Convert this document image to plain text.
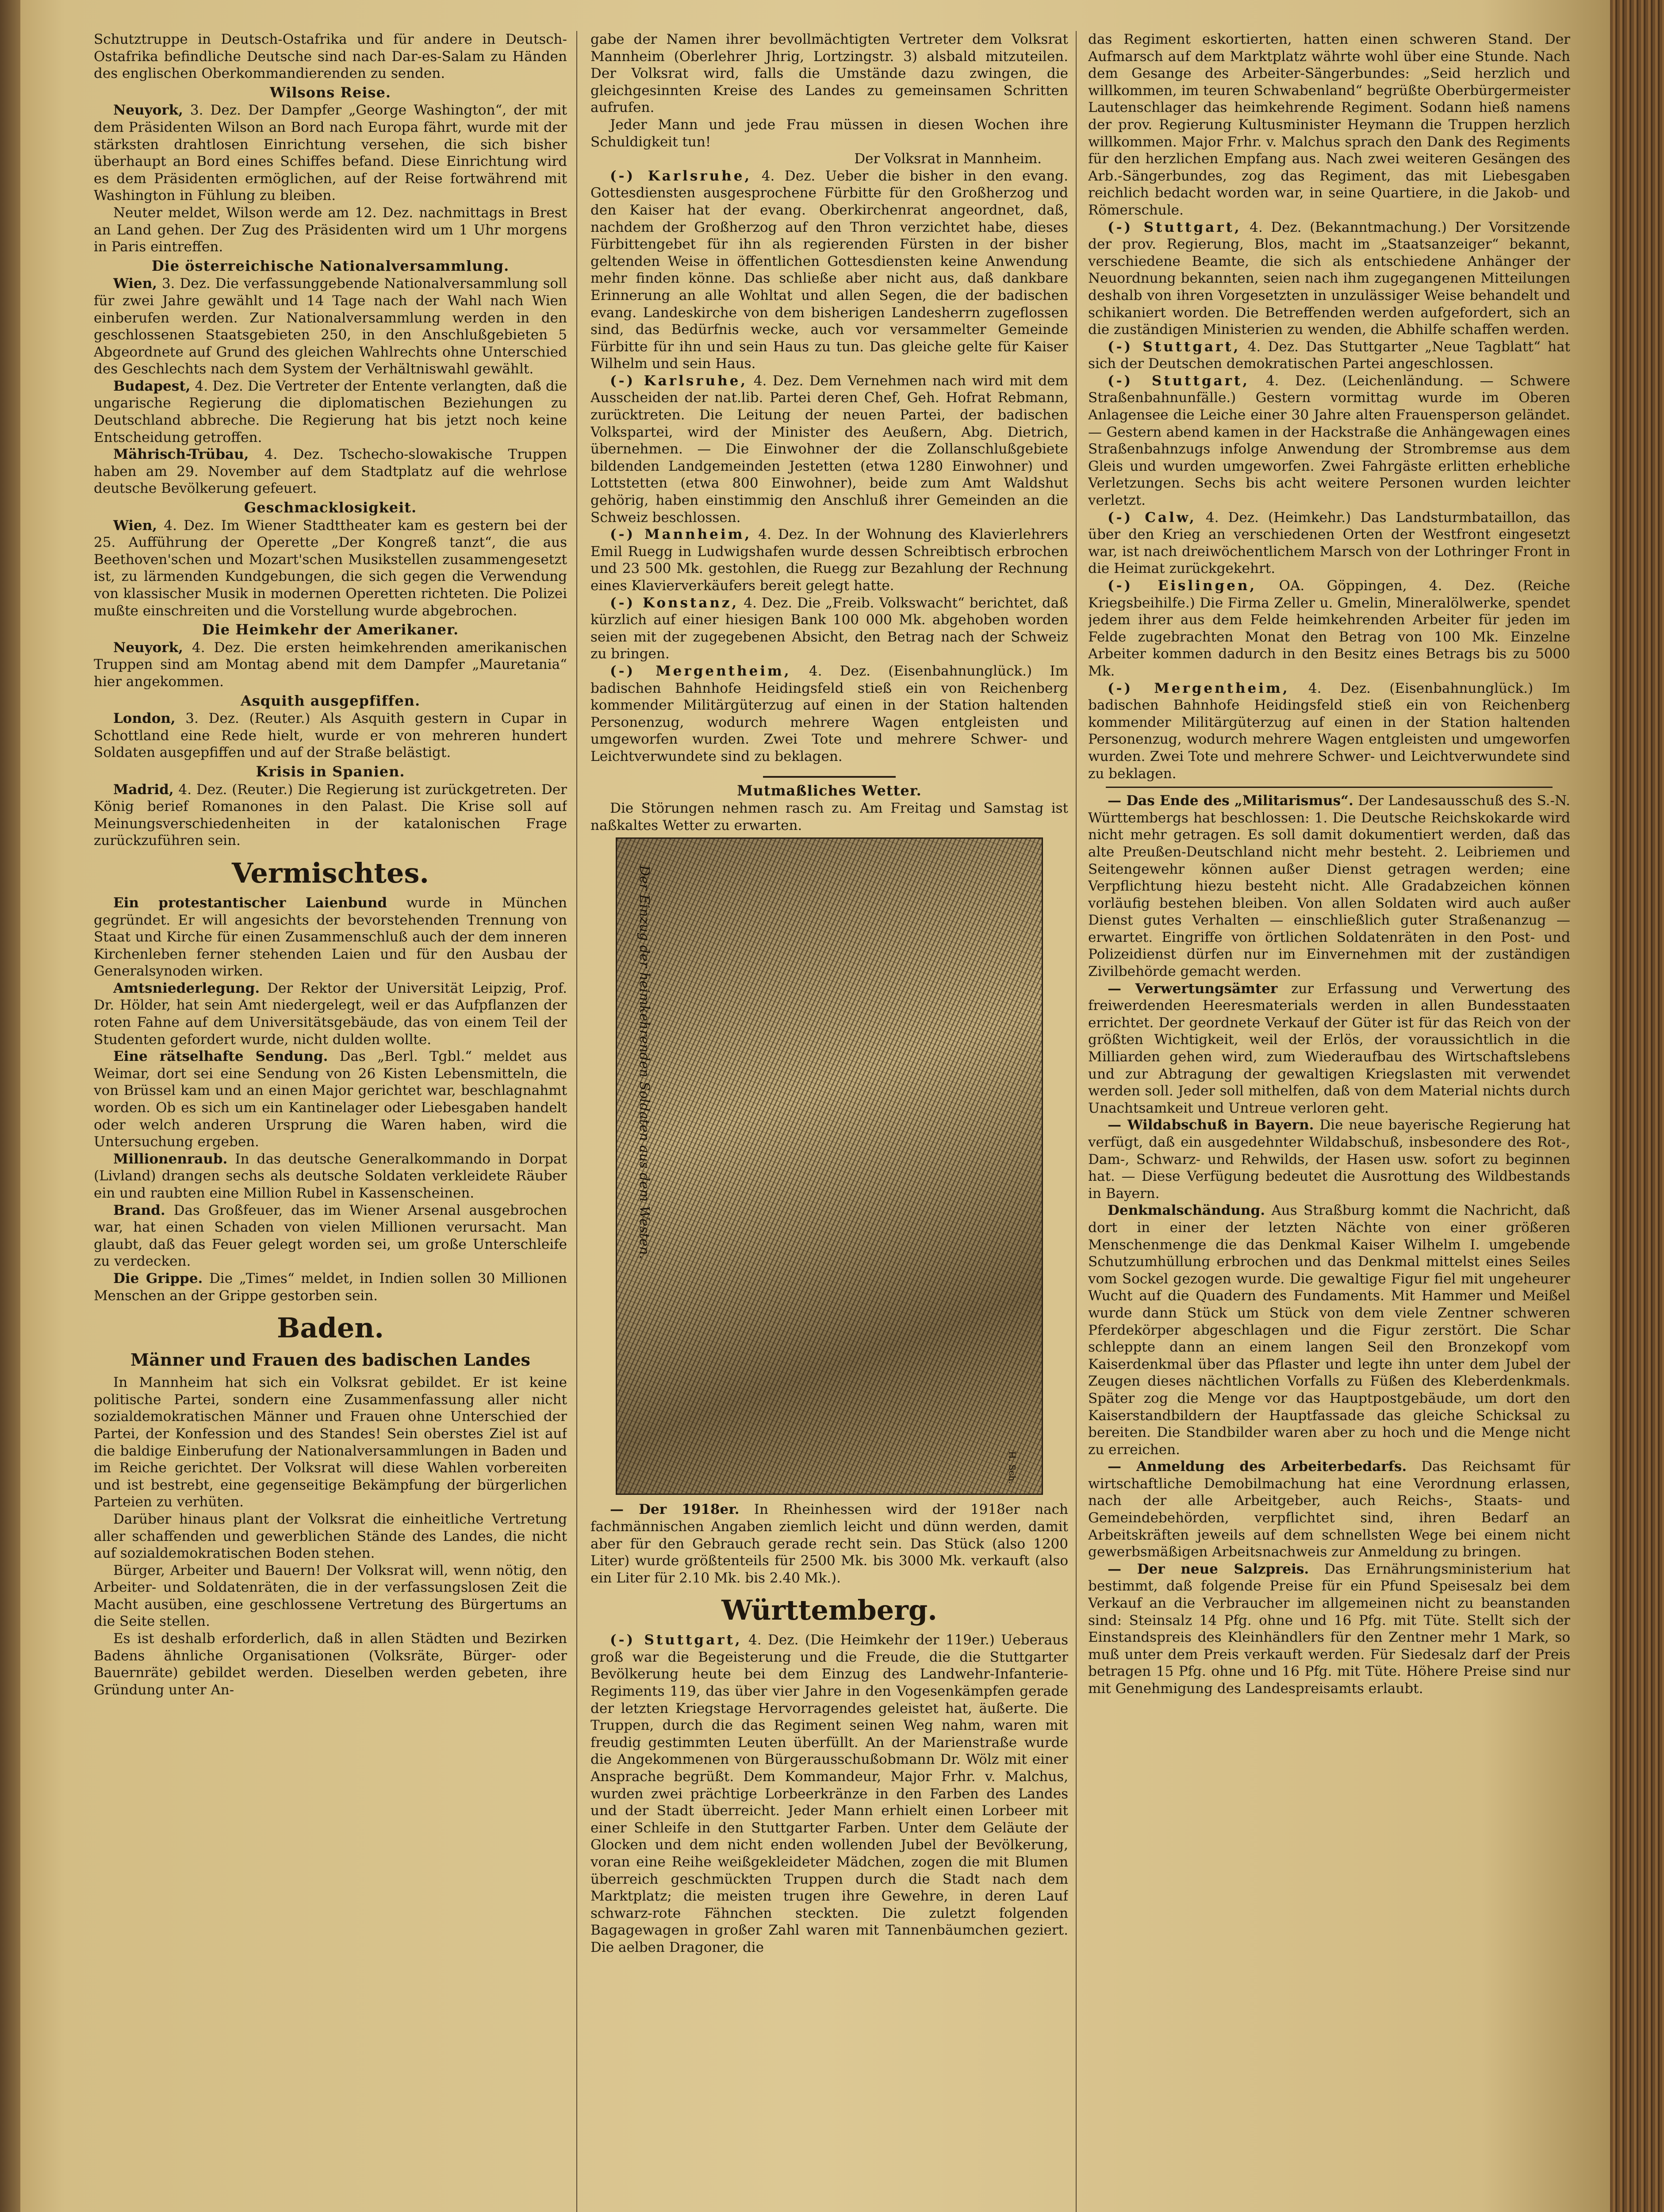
Schutztruppe in Deutsch-Ostafrika und für andere in Deutsch-Ostafrika befindliche Deutsche sind nach Dar-es-Salam zu Händen des englischen Oberkommandierenden zu senden.

Wilsons Reise.

Neuyork, 3. Dez. Der Dampfer „George Washington“, der mit dem Präsidenten Wilson an Bord nach Europa fährt, wurde mit der stärksten drahtlosen Einrichtung versehen, die sich bisher überhaupt an Bord eines Schiffes befand. Diese Einrichtung wird es dem Präsidenten ermöglichen, auf der Reise fortwährend mit Washington in Fühlung zu bleiben.

Neuter meldet, Wilson werde am 12. Dez. nachmittags in Brest an Land gehen. Der Zug des Präsidenten wird um 1 Uhr morgens in Paris eintreffen.

Die österreichische Nationalversammlung.

Wien, 3. Dez. Die verfassunggebende Nationalversammlung soll für zwei Jahre gewählt und 14 Tage nach der Wahl nach Wien einberufen werden. Zur Nationalversammlung werden in den geschlossenen Staatsgebieten 250, in den Anschlußgebieten 5 Abgeordnete auf Grund des gleichen Wahlrechts ohne Unterschied des Geschlechts nach dem System der Verhältniswahl gewählt.

Budapest, 4. Dez. Die Vertreter der Entente verlangten, daß die ungarische Regierung die diplomatischen Beziehungen zu Deutschland abbreche. Die Regierung hat bis jetzt noch keine Entscheidung getroffen.

Mährisch-Trübau, 4. Dez. Tschecho-slowakische Truppen haben am 29. November auf dem Stadtplatz auf die wehrlose deutsche Bevölkerung gefeuert.

Geschmacklosigkeit.

Wien, 4. Dez. Im Wiener Stadttheater kam es gestern bei der 25. Aufführung der Operette „Der Kongreß tanzt“, die aus Beethoven'schen und Mozart'schen Musikstellen zusammengesetzt ist, zu lärmenden Kundgebungen, die sich gegen die Verwendung von klassischer Musik in modernen Operetten richteten. Die Polizei mußte einschreiten und die Vorstellung wurde abgebrochen.

Die Heimkehr der Amerikaner.

Neuyork, 4. Dez. Die ersten heimkehrenden amerikanischen Truppen sind am Montag abend mit dem Dampfer „Mauretania“ hier angekommen.

Asquith ausgepfiffen.

London, 3. Dez. (Reuter.) Als Asquith gestern in Cupar in Schottland eine Rede hielt, wurde er von mehreren hundert Soldaten ausgepfiffen und auf der Straße belästigt.

Krisis in Spanien.

Madrid, 4. Dez. (Reuter.) Die Regierung ist zurückgetreten. Der König berief Romanones in den Palast. Die Krise soll auf Meinungsverschiedenheiten in der katalonischen Frage zurückzuführen sein.

Vermischtes.

Ein protestantischer Laienbund wurde in München gegründet. Er will angesichts der bevorstehenden Trennung von Staat und Kirche für einen Zusammenschluß auch der dem inneren Kirchenleben ferner stehenden Laien und für den Ausbau der Generalsynoden wirken.

Amtsniederlegung. Der Rektor der Universität Leipzig, Prof. Dr. Hölder, hat sein Amt niedergelegt, weil er das Aufpflanzen der roten Fahne auf dem Universitätsgebäude, das von einem Teil der Studenten gefordert wurde, nicht dulden wollte.

Eine rätselhafte Sendung. Das „Berl. Tgbl.“ meldet aus Weimar, dort sei eine Sendung von 26 Kisten Lebensmitteln, die von Brüssel kam und an einen Major gerichtet war, beschlagnahmt worden. Ob es sich um ein Kantinelager oder Liebesgaben handelt oder welch anderen Ursprung die Waren haben, wird die Untersuchung ergeben.

Millionenraub. In das deutsche Generalkommando in Dorpat (Livland) drangen sechs als deutsche Soldaten verkleidete Räuber ein und raubten eine Million Rubel in Kassenscheinen.

Brand. Das Großfeuer, das im Wiener Arsenal ausgebrochen war, hat einen Schaden von vielen Millionen verursacht. Man glaubt, daß das Feuer gelegt worden sei, um große Unterschleife zu verdecken.

Die Grippe. Die „Times“ meldet, in Indien sollen 30 Millionen Menschen an der Grippe gestorben sein.

Baden.
Männer und Frauen des badischen Landes

In Mannheim hat sich ein Volksrat gebildet. Er ist keine politische Partei, sondern eine Zusammenfassung aller nicht sozialdemokratischen Männer und Frauen ohne Unterschied der Partei, der Konfession und des Standes! Sein oberstes Ziel ist auf die baldige Einberufung der Nationalversammlungen in Baden und im Reiche gerichtet. Der Volksrat will diese Wahlen vorbereiten und ist bestrebt, eine gegenseitige Bekämpfung der bürgerlichen Parteien zu verhüten.

Darüber hinaus plant der Volksrat die einheitliche Vertretung aller schaffenden und gewerblichen Stände des Landes, die nicht auf sozialdemokratischen Boden stehen.

Bürger, Arbeiter und Bauern! Der Volksrat will, wenn nötig, den Arbeiter- und Soldatenräten, die in der verfassungslosen Zeit die Macht ausüben, eine geschlossene Vertretung des Bürgertums an die Seite stellen.

Es ist deshalb erforderlich, daß in allen Städten und Bezirken Badens ähnliche Organisationen (Volksräte, Bürger- oder Bauernräte) gebildet werden. Dieselben werden gebeten, ihre Gründung unter An-

gabe der Namen ihrer bevollmächtigten Vertreter dem Volksrat Mannheim (Oberlehrer Jhrig, Lortzingstr. 3) alsbald mitzuteilen. Der Volksrat wird, falls die Umstände dazu zwingen, die gleichgesinnten Kreise des Landes zu gemeinsamen Schritten aufrufen.

Jeder Mann und jede Frau müssen in diesen Wochen ihre Schuldigkeit tun!

Der Volksrat in Mannheim.

(-) Karlsruhe, 4. Dez. Ueber die bisher in den evang. Gottesdiensten ausgesprochene Fürbitte für den Großherzog und den Kaiser hat der evang. Oberkirchenrat angeordnet, daß, nachdem der Großherzog auf den Thron verzichtet habe, dieses Fürbittengebet für ihn als regierenden Fürsten in der bisher geltenden Weise in öffentlichen Gottesdiensten keine Anwendung mehr finden könne. Das schließe aber nicht aus, daß dankbare Erinnerung an alle Wohltat und allen Segen, die der badischen evang. Landeskirche von dem bisherigen Landesherrn zugeflossen sind, das Bedürfnis wecke, auch vor versammelter Gemeinde Fürbitte für ihn und sein Haus zu tun. Das gleiche gelte für Kaiser Wilhelm und sein Haus.

(-) Karlsruhe, 4. Dez. Dem Vernehmen nach wird mit dem Ausscheiden der nat.lib. Partei deren Chef, Geh. Hofrat Rebmann, zurücktreten. Die Leitung der neuen Partei, der badischen Volkspartei, wird der Minister des Aeußern, Abg. Dietrich, übernehmen. — Die Einwohner der die Zollanschlußgebiete bildenden Landgemeinden Jestetten (etwa 1280 Einwohner) und Lottstetten (etwa 800 Einwohner), beide zum Amt Waldshut gehörig, haben einstimmig den Anschluß ihrer Gemeinden an die Schweiz beschlossen.

(-) Mannheim, 4. Dez. In der Wohnung des Klavierlehrers Emil Ruegg in Ludwigshafen wurde dessen Schreibtisch erbrochen und 23 500 Mk. gestohlen, die Ruegg zur Bezahlung der Rechnung eines Klavierverkäufers bereit gelegt hatte.

(-) Konstanz, 4. Dez. Die „Freib. Volkswacht“ berichtet, daß kürzlich auf einer hiesigen Bank 100 000 Mk. abgehoben worden seien mit der zugegebenen Absicht, den Betrag nach der Schweiz zu bringen.

(-) Mergentheim, 4. Dez. (Eisenbahnunglück.) Im badischen Bahnhofe Heidingsfeld stieß ein von Reichenberg kommender Militärgüterzug auf einen in der Station haltenden Personenzug, wodurch mehrere Wagen entgleisten und umgeworfen wurden. Zwei Tote und mehrere Schwer- und Leichtverwundete sind zu beklagen.

Mutmaßliches Wetter.

Die Störungen nehmen rasch zu. Am Freitag und Samstag ist naßkaltes Wetter zu erwarten.

Der Einzug der heimkehrenden Soldaten aus dem Westen.
H. Sch.

— Der 1918er. In Rheinhessen wird der 1918er nach fachmännischen Angaben ziemlich leicht und dünn werden, damit aber für den Gebrauch gerade recht sein. Das Stück (also 1200 Liter) wurde größtenteils für 2500 Mk. bis 3000 Mk. verkauft (also ein Liter für 2.10 Mk. bis 2.40 Mk.).

Württemberg.

(-) Stuttgart, 4. Dez. (Die Heimkehr der 119er.) Ueberaus groß war die Begeisterung und die Freude, die die Stuttgarter Bevölkerung heute bei dem Einzug des Landwehr-Infanterie-Regiments 119, das über vier Jahre in den Vogesenkämpfen gerade der letzten Kriegstage Hervorragendes geleistet hat, äußerte. Die Truppen, durch die das Regiment seinen Weg nahm, waren mit freudig gestimmten Leuten überfüllt. An der Marienstraße wurde die Angekommenen von Bürgerausschußobmann Dr. Wölz mit einer Ansprache begrüßt. Dem Kommandeur, Major Frhr. v. Malchus, wurden zwei prächtige Lorbeerkränze in den Farben des Landes und der Stadt überreicht. Jeder Mann erhielt einen Lorbeer mit einer Schleife in den Stuttgarter Farben. Unter dem Geläute der Glocken und dem nicht enden wollenden Jubel der Bevölkerung, voran eine Reihe weißgekleideter Mädchen, zogen die mit Blumen überreich geschmückten Truppen durch die Stadt nach dem Marktplatz; die meisten trugen ihre Gewehre, in deren Lauf schwarz-rote Fähnchen steckten. Die zuletzt folgenden Bagagewagen in großer Zahl waren mit Tannenbäumchen geziert. Die aelben Dragoner, die

das Regiment eskortierten, hatten einen schweren Stand. Der Aufmarsch auf dem Marktplatz währte wohl über eine Stunde. Nach dem Gesange des Arbeiter-Sängerbundes: „Seid herzlich und willkommen, im teuren Schwabenland“ begrüßte Oberbürgermeister Lautenschlager das heimkehrende Regiment. Sodann hieß namens der prov. Regierung Kultusminister Heymann die Truppen herzlich willkommen. Major Frhr. v. Malchus sprach den Dank des Regiments für den herzlichen Empfang aus. Nach zwei weiteren Gesängen des Arb.-Sängerbundes, zog das Regiment, das mit Liebesgaben reichlich bedacht worden war, in seine Quartiere, in die Jakob- und Römerschule.

(-) Stuttgart, 4. Dez. (Bekanntmachung.) Der Vorsitzende der prov. Regierung, Blos, macht im „Staatsanzeiger“ bekannt, verschiedene Beamte, die sich als entschiedene Anhänger der Neuordnung bekannten, seien nach ihm zugegangenen Mitteilungen deshalb von ihren Vorgesetzten in unzulässiger Weise behandelt und schikaniert worden. Die Betreffenden werden aufgefordert, sich an die zuständigen Ministerien zu wenden, die Abhilfe schaffen werden.

(-) Stuttgart, 4. Dez. Das Stuttgarter „Neue Tagblatt“ hat sich der Deutschen demokratischen Partei angeschlossen.

(-) Stuttgart, 4. Dez. (Leichenländung. — Schwere Straßenbahnunfälle.) Gestern vormittag wurde im Oberen Anlagensee die Leiche einer 30 Jahre alten Frauensperson geländet. — Gestern abend kamen in der Hackstraße die Anhängewagen eines Straßenbahnzugs infolge Anwendung der Strombremse aus dem Gleis und wurden umgeworfen. Zwei Fahrgäste erlitten erhebliche Verletzungen. Sechs bis acht weitere Personen wurden leichter verletzt.

(-) Calw, 4. Dez. (Heimkehr.) Das Landsturmbataillon, das über den Krieg an verschiedenen Orten der Westfront eingesetzt war, ist nach dreiwöchentlichem Marsch von der Lothringer Front in die Heimat zurückgekehrt.

(-) Eislingen, OA. Göppingen, 4. Dez. (Reiche Kriegsbeihilfe.) Die Firma Zeller u. Gmelin, Mineralölwerke, spendet jedem ihrer aus dem Felde heimkehrenden Arbeiter für jeden im Felde zugebrachten Monat den Betrag von 100 Mk. Einzelne Arbeiter kommen dadurch in den Besitz eines Betrags bis zu 5000 Mk.

(-) Mergentheim, 4. Dez. (Eisenbahnunglück.) Im badischen Bahnhofe Heidingsfeld stieß ein von Reichenberg kommender Militärgüterzug auf einen in der Station haltenden Personenzug, wodurch mehrere Wagen entgleisten und umgeworfen wurden. Zwei Tote und mehrere Schwer- und Leichtverwundete sind zu beklagen.

— Das Ende des „Militarismus“. Der Landesausschuß des S.-N. Württembergs hat beschlossen: 1. Die Deutsche Reichskokarde wird nicht mehr getragen. Es soll damit dokumentiert werden, daß das alte Preußen-Deutschland nicht mehr besteht. 2. Leibriemen und Seitengewehr können außer Dienst getragen werden; eine Verpflichtung hiezu besteht nicht. Alle Gradabzeichen können vorläufig bestehen bleiben. Von allen Soldaten wird auch außer Dienst gutes Verhalten — einschließlich guter Straßenanzug — erwartet. Eingriffe von örtlichen Soldatenräten in den Post- und Polizeidienst dürfen nur im Einvernehmen mit der zuständigen Zivilbehörde gemacht werden.

— Verwertungsämter zur Erfassung und Verwertung des freiwerdenden Heeresmaterials werden in allen Bundesstaaten errichtet. Der geordnete Verkauf der Güter ist für das Reich von der größten Wichtigkeit, weil der Erlös, der voraussichtlich in die Milliarden gehen wird, zum Wiederaufbau des Wirtschaftslebens und zur Abtragung der gewaltigen Kriegslasten mit verwendet werden soll. Jeder soll mithelfen, daß von dem Material nichts durch Unachtsamkeit und Untreue verloren geht.

— Wildabschuß in Bayern. Die neue bayerische Regierung hat verfügt, daß ein ausgedehnter Wildabschuß, insbesondere des Rot-, Dam-, Schwarz- und Rehwilds, der Hasen usw. sofort zu beginnen hat. — Diese Verfügung bedeutet die Ausrottung des Wildbestands in Bayern.

Denkmalschändung. Aus Straßburg kommt die Nachricht, daß dort in einer der letzten Nächte von einer größeren Menschenmenge die das Denkmal Kaiser Wilhelm I. umgebende Schutzumhüllung erbrochen und das Denkmal mittelst eines Seiles vom Sockel gezogen wurde. Die gewaltige Figur fiel mit ungeheurer Wucht auf die Quadern des Fundaments. Mit Hammer und Meißel wurde dann Stück um Stück von dem viele Zentner schweren Pferdekörper abgeschlagen und die Figur zerstört. Die Schar schleppte dann an einem langen Seil den Bronzekopf vom Kaiserdenkmal über das Pflaster und legte ihn unter dem Jubel der Zeugen dieses nächtlichen Vorfalls zu Füßen des Kleberdenkmals. Später zog die Menge vor das Hauptpostgebäude, um dort den Kaiserstandbildern der Hauptfassade das gleiche Schicksal zu bereiten. Die Standbilder waren aber zu hoch und die Menge nicht zu erreichen.

— Anmeldung des Arbeiterbedarfs. Das Reichsamt für wirtschaftliche Demobilmachung hat eine Verordnung erlassen, nach der alle Arbeitgeber, auch Reichs-, Staats- und Gemeindebehörden, verpflichtet sind, ihren Bedarf an Arbeitskräften jeweils auf dem schnellsten Wege bei einem nicht gewerbsmäßigen Arbeitsnachweis zur Anmeldung zu bringen.

— Der neue Salzpreis. Das Ernährungsministerium hat bestimmt, daß folgende Preise für ein Pfund Speisesalz bei dem Verkauf an die Verbraucher im allgemeinen nicht zu beanstanden sind: Steinsalz 14 Pfg. ohne und 16 Pfg. mit Tüte. Stellt sich der Einstandspreis des Kleinhändlers für den Zentner mehr 1 Mark, so muß unter dem Preis verkauft werden. Für Siedesalz darf der Preis betragen 15 Pfg. ohne und 16 Pfg. mit Tüte. Höhere Preise sind nur mit Genehmigung des Landespreisamts erlaubt.
